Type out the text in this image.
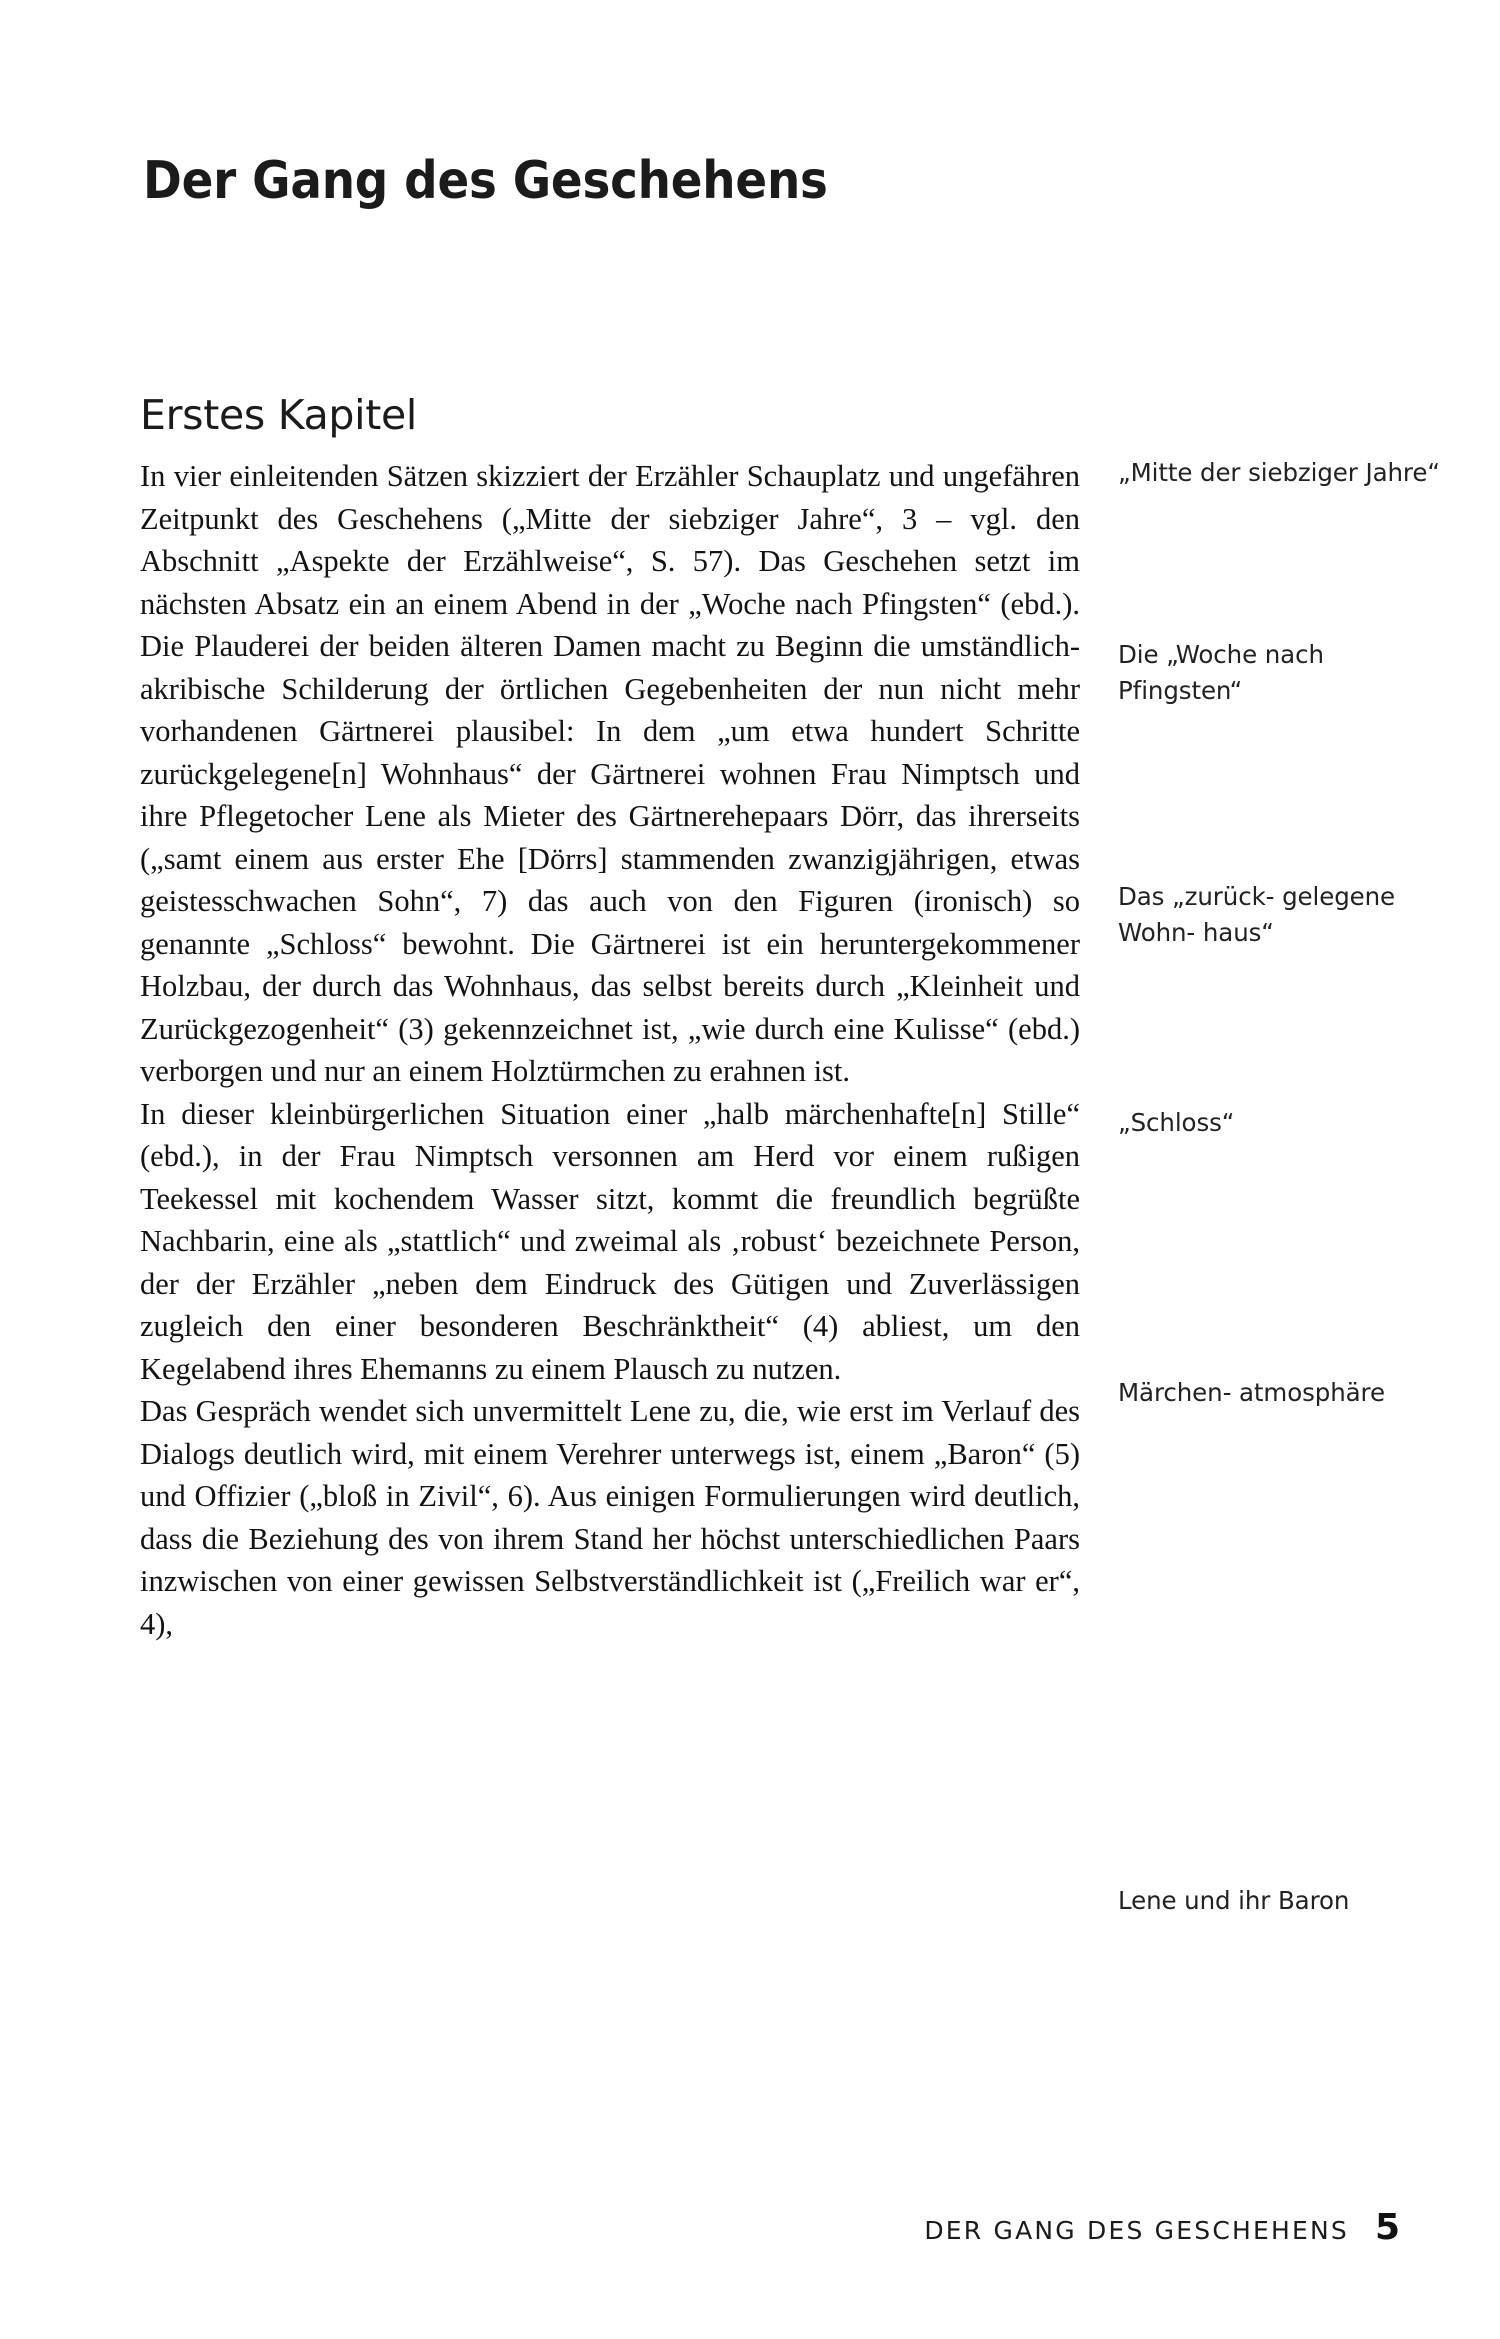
Der Gang des Geschehens
Erstes Kapitel

In vier einleitenden Sätzen skizziert der Erzähler Schauplatz und ungefähren Zeitpunkt des Geschehens („Mitte der siebziger Jahre“, 3 – vgl. den Abschnitt „Aspekte der Erzählweise“, S. 57). Das Geschehen setzt im nächsten Absatz ein an einem Abend in der „Woche nach Pfingsten“ (ebd.). Die Plauderei der beiden älteren Damen macht zu Beginn die umständlich-akribische Schilderung der örtlichen Gegebenheiten der nun nicht mehr vorhandenen Gärtnerei plausibel: In dem „um etwa hundert Schritte zurückgelegene[n] Wohnhaus“ der Gärtnerei wohnen Frau Nimptsch und ihre Pflegetocher Lene als Mieter des Gärtnerehepaars Dörr, das ihrerseits („samt einem aus erster Ehe [Dörrs] stammenden zwanzigjährigen, etwas geistesschwachen Sohn“, 7) das auch von den Figuren (ironisch) so genannte „Schloss“ bewohnt. Die Gärtnerei ist ein heruntergekommener Holzbau, der durch das Wohnhaus, das selbst bereits durch „Kleinheit und Zurückgezogenheit“ (3) gekennzeichnet ist, „wie durch eine Kulisse“ (ebd.) verborgen und nur an einem Holztürmchen zu erahnen ist.

In dieser kleinbürgerlichen Situation einer „halb märchenhafte[n] Stille“ (ebd.), in der Frau Nimptsch versonnen am Herd vor einem rußigen Teekessel mit kochendem Wasser sitzt, kommt die freundlich begrüßte Nachbarin, eine als „stattlich“ und zweimal als ‚robust‘ bezeichnete Person, der der Erzähler „neben dem Eindruck des Gütigen und Zuverlässigen zugleich den einer besonderen Beschränktheit“ (4) abliest, um den Kegelabend ihres Ehemanns zu einem Plausch zu nutzen.

Das Gespräch wendet sich unvermittelt Lene zu, die, wie erst im Verlauf des Dialogs deutlich wird, mit einem Verehrer unterwegs ist, einem „Baron“ (5) und Offizier („bloß in Zivil“, 6). Aus einigen Formulierungen wird deutlich, dass die Beziehung des von ihrem Stand her höchst unterschiedlichen Paars inzwischen von einer gewissen Selbstverständlichkeit ist („Freilich war er“, 4),

„Mitte der siebziger Jahre“
Die „Woche nach Pfingsten“
Das „zurück- gelegene Wohn- haus“
„Schloss“
Märchen- atmosphäre
Lene und ihr Baron
DER GANG DES GESCHEHENS 5
